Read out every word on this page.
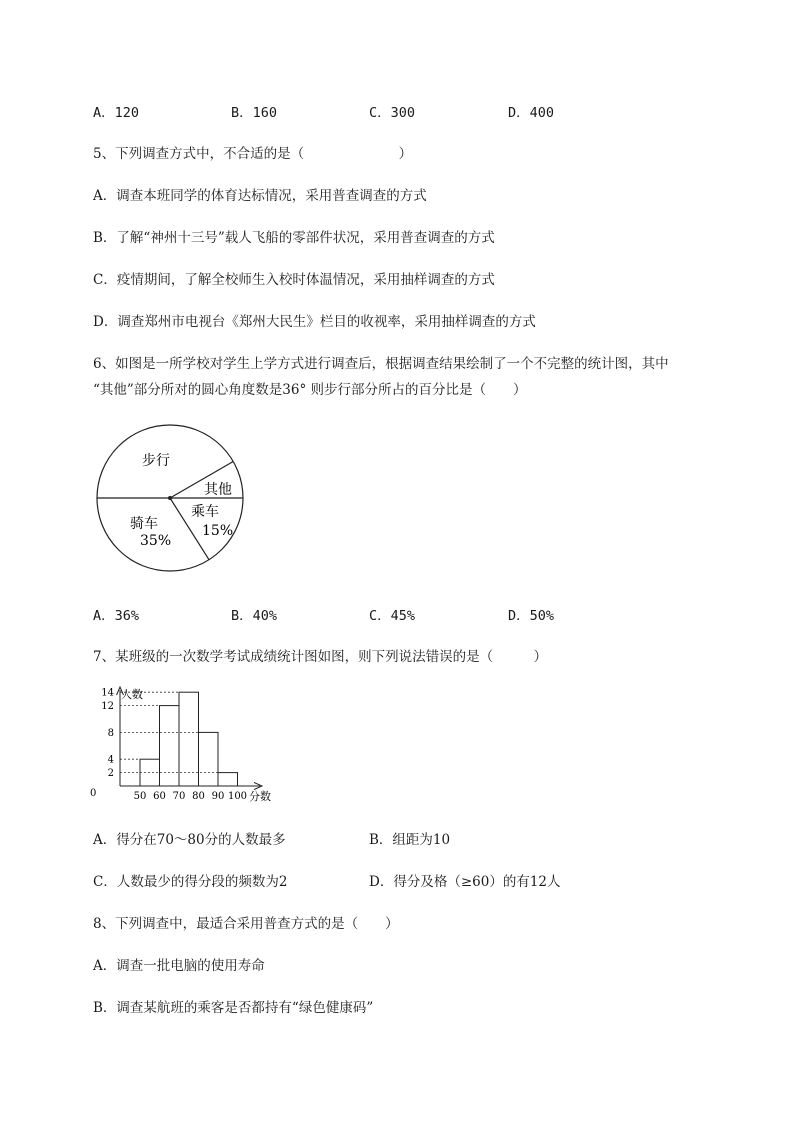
A．120	B．160	C．300	D．400
5、下列调查方式中，不合适的是（　　　　　　　）
A．调查本班同学的体育达标情况，采用普查调查的方式
B．了解“神州十三号”载人飞船的零部件状况，采用普查调查的方式
C．疫情期间，了解全校师生入校时体温情况，采用抽样调查的方式
D．调查郑州市电视台《郑州大民生》栏目的收视率，采用抽样调查的方式
6、如图是一所学校对学生上学方式进行调查后，根据调查结果绘制了一个不完整的统计图，其中
“其他”部分所对的圆心角度数是36° 则步行部分所占的百分比是（　　）
步行
其他
乘车
15%
骑车
35%
A．36%	B．40%	C．45%	D．50%
7、某班级的一次数学考试成绩统计图如图，则下列说法错误的是（　　　）
人数
分数
0
2
4
8
12
14
50 60 70 80 90 100
A．得分在70～80分的人数最多	B．组距为10
C．人数最少的得分段的频数为2	D．得分及格（≥60）的有12人
8、下列调查中，最适合采用普查方式的是（　　）
A．调查一批电脑的使用寿命
B．调查某航班的乘客是否都持有“绿色健康码”
